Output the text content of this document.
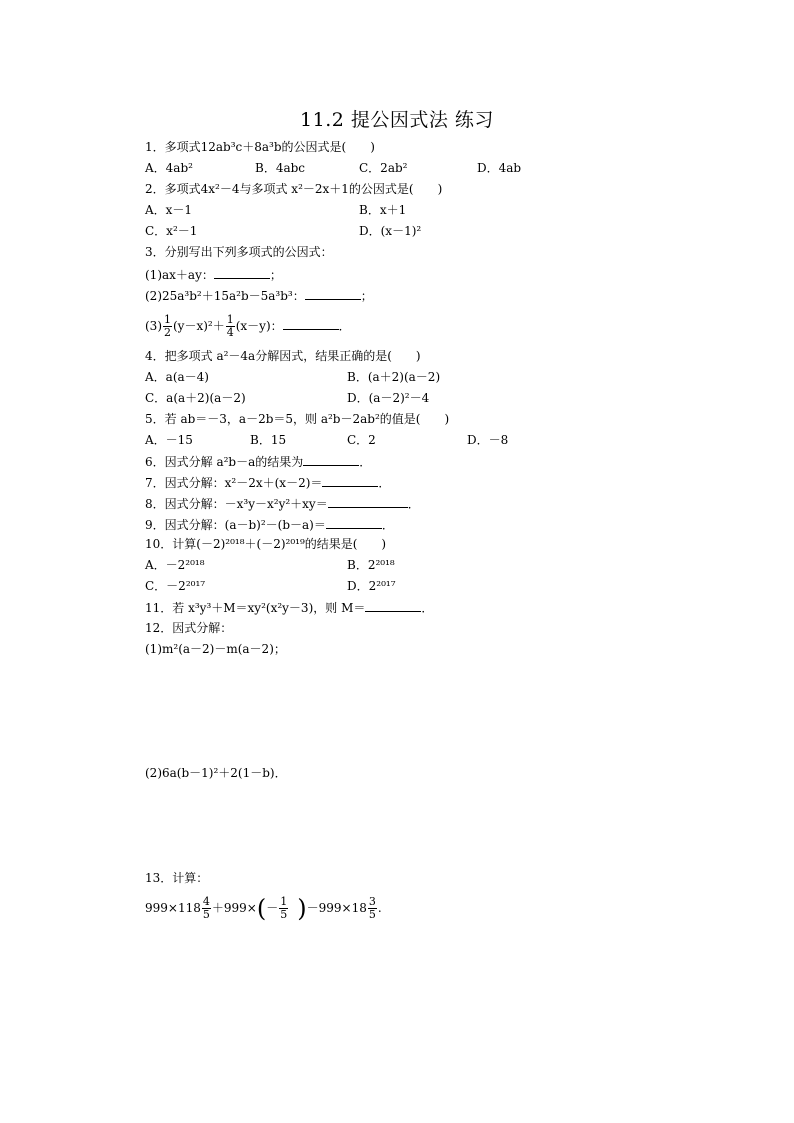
11.2 提公因式法 练习
1．多项式12ab³c＋8a³b的公因式是(　　)
A．4ab²	B．4abc	C．2ab²	D．4ab
2．多项式4x²－4与多项式 x²－2x＋1的公因式是(　　)
A．x－1	B．x＋1
C．x²－1	D．(x－1)²
3．分别写出下列多项式的公因式：
(1)ax＋ay：	；
(2)25a³b²＋15a²b－5a³b³：	；
$(3) \frac{1}{2} (y-x)^2+ \frac{1}{4} (x-y)$：	．
4．把多项式 a²－4a分解因式，结果正确的是(　　)
A．a(a－4)	B．(a＋2)(a－2)
C．a(a＋2)(a－2)	D．(a－2)²－4
5．若 ab＝－3，a－2b＝5，则 a²b－2ab²的值是(　　)
A．－15	B．15	C．2	D．－8
6．因式分解 a²b－a的结果为	．
7．因式分解：x²－2x＋(x－2)＝	．
8．因式分解：－x³y－x²y²＋xy＝	．
9．因式分解：(a－b)²－(b－a)＝	．
10．计算(－2)²⁰¹⁸＋(－2)²⁰¹⁹的结果是(　　)
A．－2²⁰¹⁸	B．2²⁰¹⁸
C．－2²⁰¹⁷	D．2²⁰¹⁷
11．若 x³y³＋M＝xy²(x²y－3)，则 M＝	．
12．因式分解：
(1)m²(a－2)－m(a－2)；
(2)6a(b－1)²＋2(1－b)．
13．计算：
$999\times 118 \frac{4}{5} +999\times(- \frac{1}{5} )-999\times 18 \frac{3}{5}$ .
